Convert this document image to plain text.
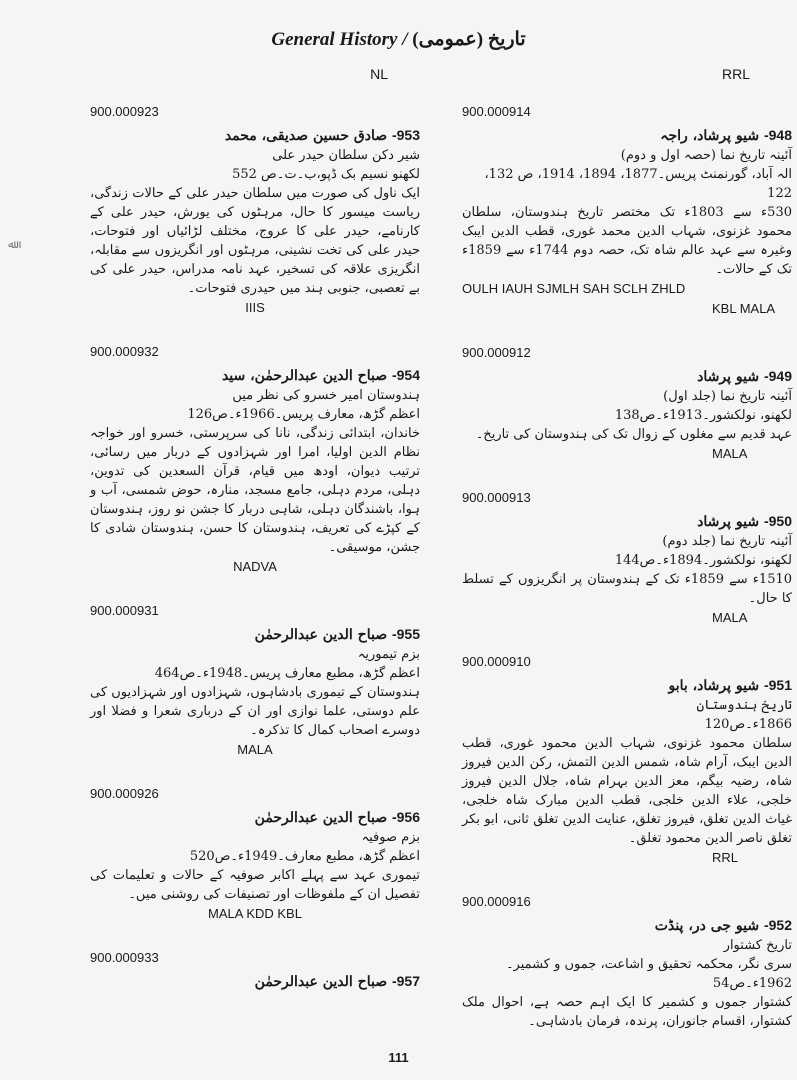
General History / تاریخ (عمومی)
ﷲ
NL
900.000923
953- صادق حسین صدیقی، محمد
شیر دکن سلطان حیدر علی
لکھنو نسیم بک ڈپو،ب۔ت۔ص 552
ایک ناول کی صورت میں سلطان حیدر علی کے حالات زندگی، ریاست میسور کا حال، مرہٹوں کی یورش، حیدر علی کے کارنامے، حیدر علی کا عروج، مختلف لڑائیاں اور فتوحات، حیدر علی کی تخت نشینی، مرہٹوں اور انگریزوں سے مقابلہ، انگریزی علاقہ کی تسخیر، عہد نامہ مدراس، حیدر علی کی بے تعصبی، جنوبی ہند میں حیدری فتوحات۔
IIIS
900.000932
954- صباح الدین عبدالرحمٰن، سید
ہندوستان امیر خسرو کی نظر میں
اعظم گڑھ، معارف پریس۔1966ء۔ص126
خاندان، ابتدائی زندگی، نانا کی سرپرستی، خسرو اور خواجہ نظام الدین اولیا، امرا اور شہزادوں کے دربار میں رسائی، ترتیب دیوان، اودھ میں قیام، قرآن السعدین کی تدوین، دہلی، مردم دہلی، جامع مسجد، منارہ، حوض شمسی، آب و ہوا، باشندگان دہلی، شاہی دربار کا جشن نو روز، ہندوستان کے کپڑے کی تعریف، ہندوستان کا حسن، ہندوستان شادی کا جشن، موسیقی۔
NADVA
900.000931
955- صباح الدین عبدالرحمٰن
بزم تیموریہ
اعظم گڑھ، مطبع معارف پریس۔1948ء۔ص464
ہندوستان کے تیموری بادشاہوں، شہزادوں اور شہزادیوں کی علم دوستی، علما نوازی اور ان کے درباری شعرا و فضلا اور دوسرے اصحاب کمال کا تذکرہ۔
MALA
900.000926
956- صباح الدین عبدالرحمٰن
بزم صوفیہ
اعظم گڑھ، مطبع معارف۔1949ء۔ص520
تیموری عہد سے پہلے اکابر صوفیہ کے حالات و تعلیمات کی تفصیل ان کے ملفوظات اور تصنیفات کی روشنی میں۔
MALA KDD KBL
900.000933
957- صباح الدین عبدالرحمٰن
RRL
900.000914
948- شیو پرشاد، راجہ
آئینہ تاریخ نما (حصہ اول و دوم)
الہ آباد، گورنمنٹ پریس۔1877، 1894، 1914، ص 132، 122
530ء سے 1803ء تک مختصر تاریخ ہندوستان، سلطان محمود غزنوی، شہاب الدین محمد غوری، قطب الدین ایبک وغیرہ سے عہد عالم شاہ تک، حصہ دوم 1744ء سے 1859ء تک کے حالات۔
OULH IAUH SJMLH SAH SCLH ZHLD
KBL MALA
900.000912
949- شیو پرشاد
آئینہ تاریخ نما (جلد اول)
لکھنو، نولکشور۔1913ء۔ص138
عہد قدیم سے مغلوں کے زوال تک کی ہندوستان کی تاریخ۔
MALA
900.000913
950- شیو پرشاد
آئینہ تاریخ نما (جلد دوم)
لکھنو، نولکشور۔1894ء۔ص144
1510ء سے 1859ء تک کے ہندوستان پر انگریزوں کے تسلط کا حال۔
MALA
900.000910
951- شیو پرشاد، بابو
تاریخ ہندوستان
1866ء۔ص120
سلطان محمود غزنوی، شہاب الدین محمود غوری، قطب الدین ایبک، آرام شاہ، شمس الدین التمش، رکن الدین فیروز شاہ، رضیہ بیگم، معز الدین بہرام شاہ، جلال الدین فیروز خلجی، علاء الدین خلجی، قطب الدین مبارک شاہ خلجی، غیاث الدین تغلق، فیروز تغلق، عنایت الدین تغلق ثانی، ابو بکر تغلق ناصر الدین محمود تغلق۔
RRL
900.000916
952- شیو جی در، پنڈت
تاریخ کشتوار
سری نگر، محکمہ تحقیق و اشاعت، جموں و کشمیر۔1962ء۔ص54
کشتوار جموں و کشمیر کا ایک اہم حصہ ہے، احوال ملک کشتوار، اقسام جانوران، پرندہ، فرمان بادشاہی۔
111
